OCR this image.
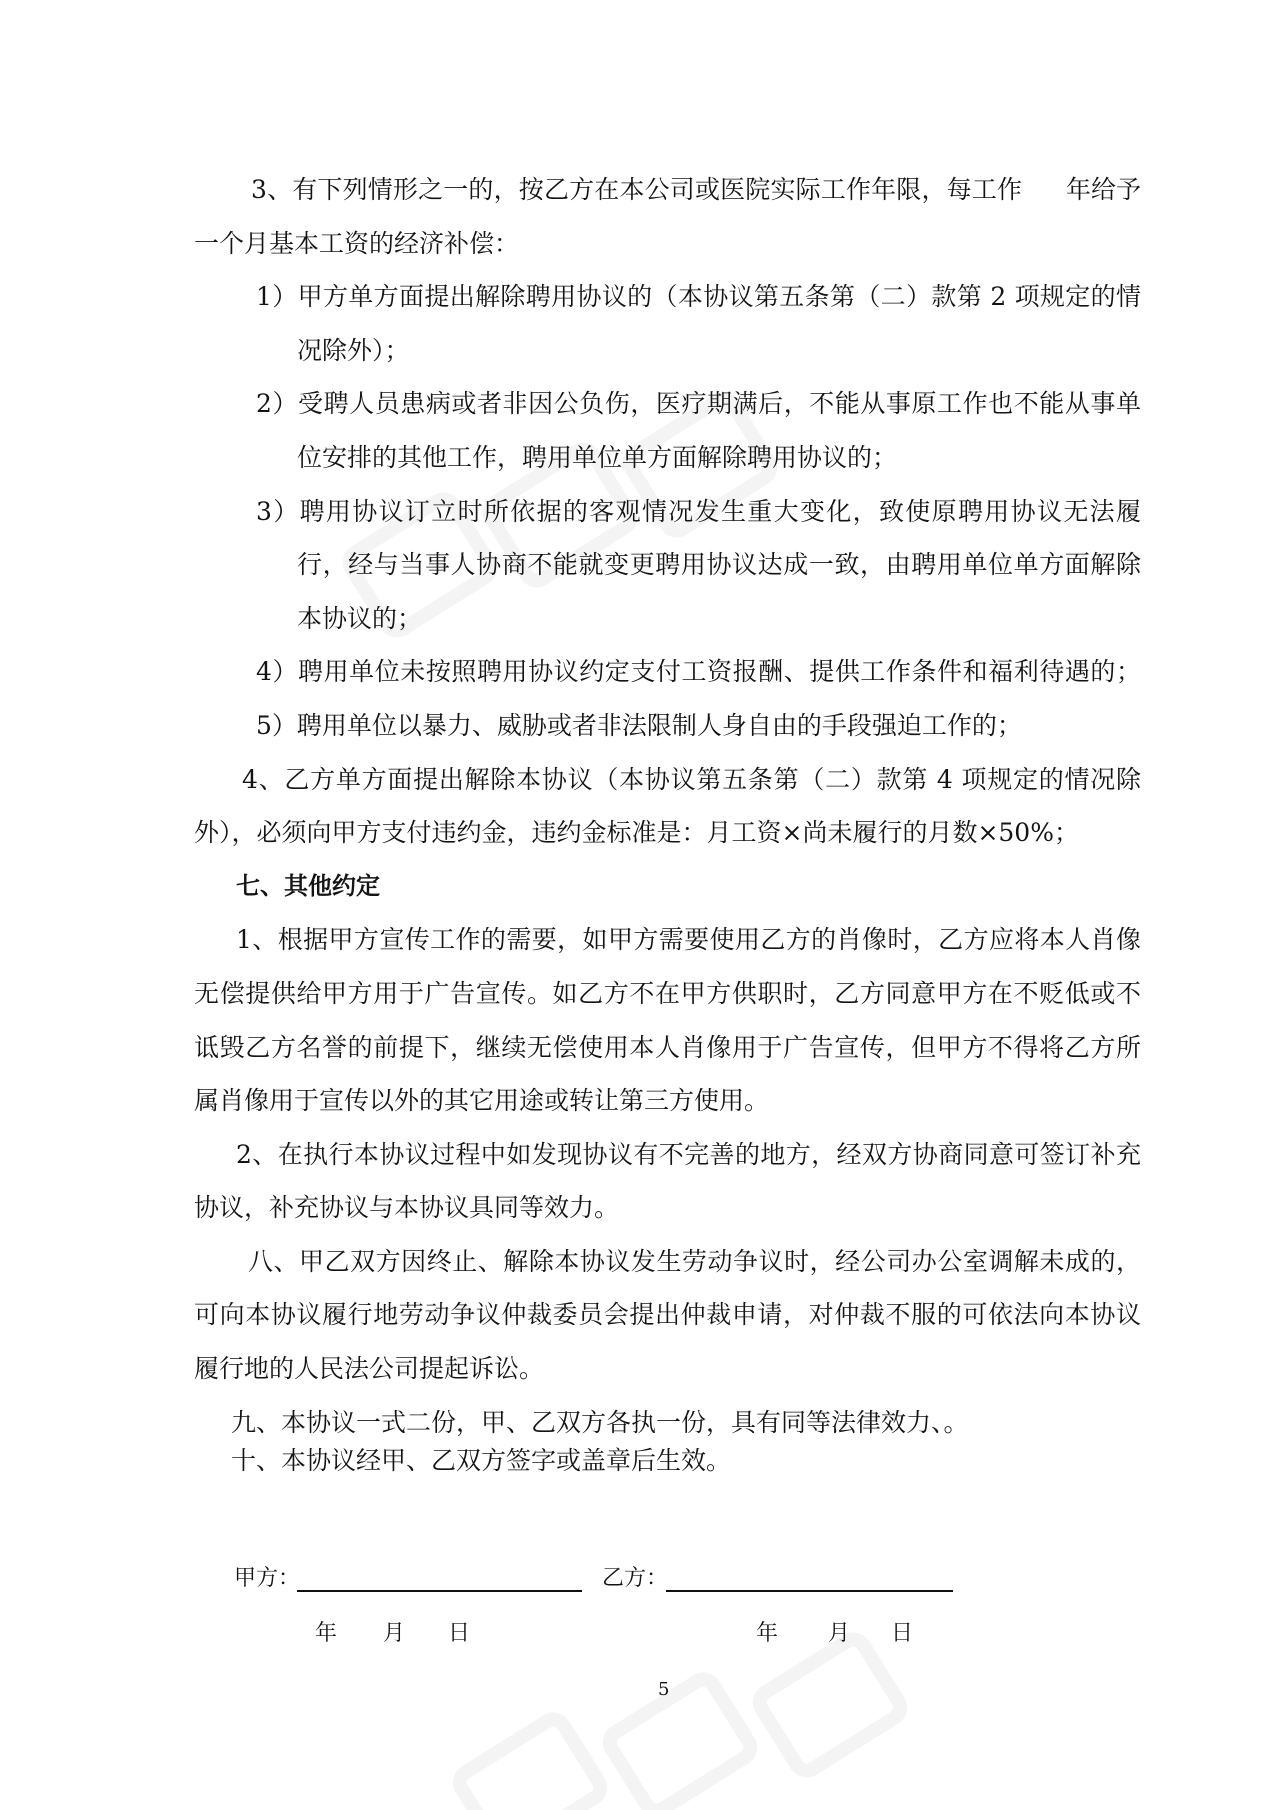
3、有下列情形之一的，按乙方在本公司或医院实际工作年限，每工作 年给予
一个月基本工资的经济补偿：
1）甲方单方面提出解除聘用协议的（本协议第五条第（二）款第 2 项规定的情
况除外）；
2）受聘人员患病或者非因公负伤，医疗期满后，不能从事原工作也不能从事单
位安排的其他工作，聘用单位单方面解除聘用协议的；
3）聘用协议订立时所依据的客观情况发生重大变化，致使原聘用协议无法履
行，经与当事人协商不能就变更聘用协议达成一致，由聘用单位单方面解除
本协议的；
4）聘用单位未按照聘用协议约定支付工资报酬、提供工作条件和福利待遇的；
5）聘用单位以暴力、威胁或者非法限制人身自由的手段强迫工作的；
4、乙方单方面提出解除本协议（本协议第五条第（二）款第 4 项规定的情况除
外），必须向甲方支付违约金，违约金标准是：月工资×尚未履行的月数×50%；
七、其他约定
1、根据甲方宣传工作的需要，如甲方需要使用乙方的肖像时，乙方应将本人肖像
无偿提供给甲方用于广告宣传。如乙方不在甲方供职时，乙方同意甲方在不贬低或不
诋毁乙方名誉的前提下，继续无偿使用本人肖像用于广告宣传，但甲方不得将乙方所
属肖像用于宣传以外的其它用途或转让第三方使用。
2、在执行本协议过程中如发现协议有不完善的地方，经双方协商同意可签订补充
协议，补充协议与本协议具同等效力。
八、甲乙双方因终止、解除本协议发生劳动争议时，经公司办公室调解未成的，
可向本协议履行地劳动争议仲裁委员会提出仲裁申请，对仲裁不服的可依法向本协议
履行地的人民法公司提起诉讼。
九、本协议一式二份，甲、乙双方各执一份，具有同等法律效力、。
十、本协议经甲、乙双方签字或盖章后生效。
甲方：	乙方：
年 月 日	年 月 日
5
